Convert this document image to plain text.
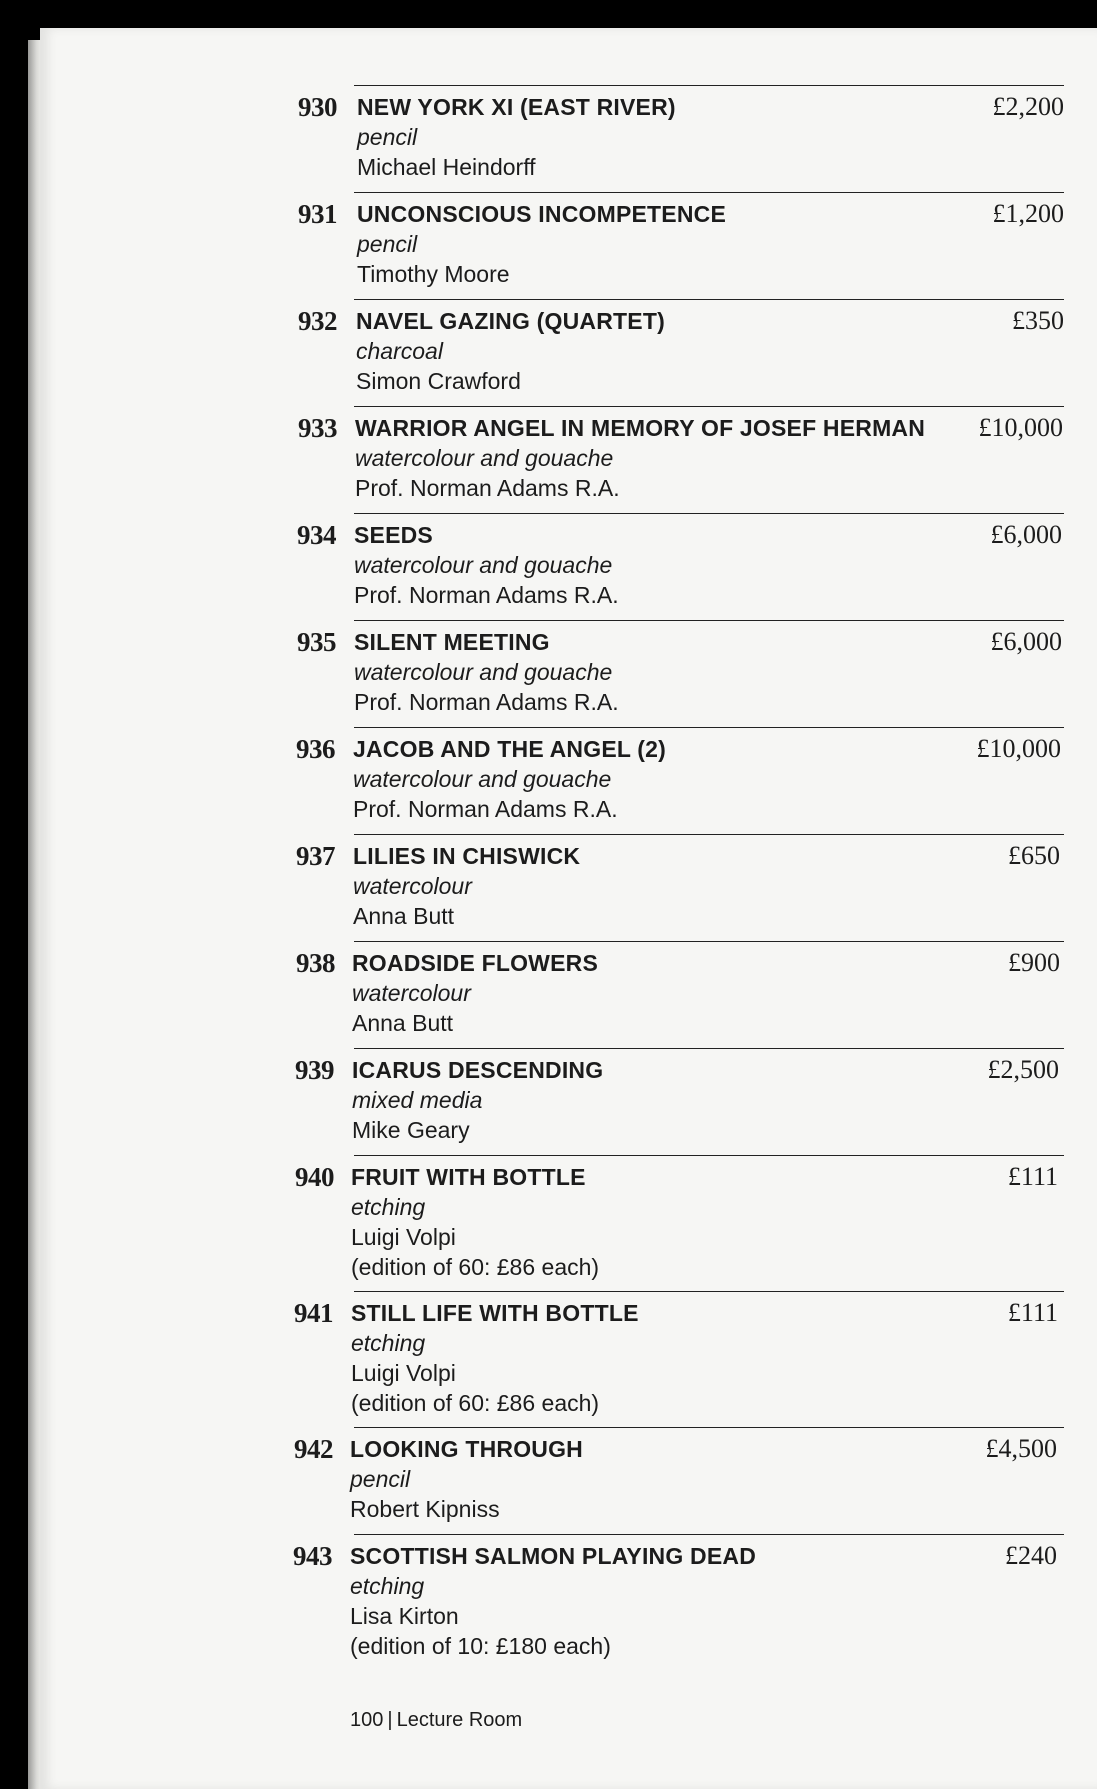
930 NEW YORK XI (EAST RIVER)
pencil
Michael Heindorff
£2,200
931 UNCONSCIOUS INCOMPETENCE
pencil
Timothy Moore
£1,200
932 NAVEL GAZING (QUARTET)
charcoal
Simon Crawford
£350
933 WARRIOR ANGEL IN MEMORY OF JOSEF HERMAN
watercolour and gouache
Prof. Norman Adams R.A.
£10,000
934 SEEDS
watercolour and gouache
Prof. Norman Adams R.A.
£6,000
935 SILENT MEETING
watercolour and gouache
Prof. Norman Adams R.A.
£6,000
936 JACOB AND THE ANGEL (2)
watercolour and gouache
Prof. Norman Adams R.A.
£10,000
937 LILIES IN CHISWICK
watercolour
Anna Butt
£650
938 ROADSIDE FLOWERS
watercolour
Anna Butt
£900
939 ICARUS DESCENDING
mixed media
Mike Geary
£2,500
940 FRUIT WITH BOTTLE
etching
Luigi Volpi
(edition of 60: £86 each)
£111
941 STILL LIFE WITH BOTTLE
etching
Luigi Volpi
(edition of 60: £86 each)
£111
942 LOOKING THROUGH
pencil
Robert Kipniss
£4,500
943 SCOTTISH SALMON PLAYING DEAD
etching
Lisa Kirton
(edition of 10: £180 each)
£240
100 | Lecture Room
